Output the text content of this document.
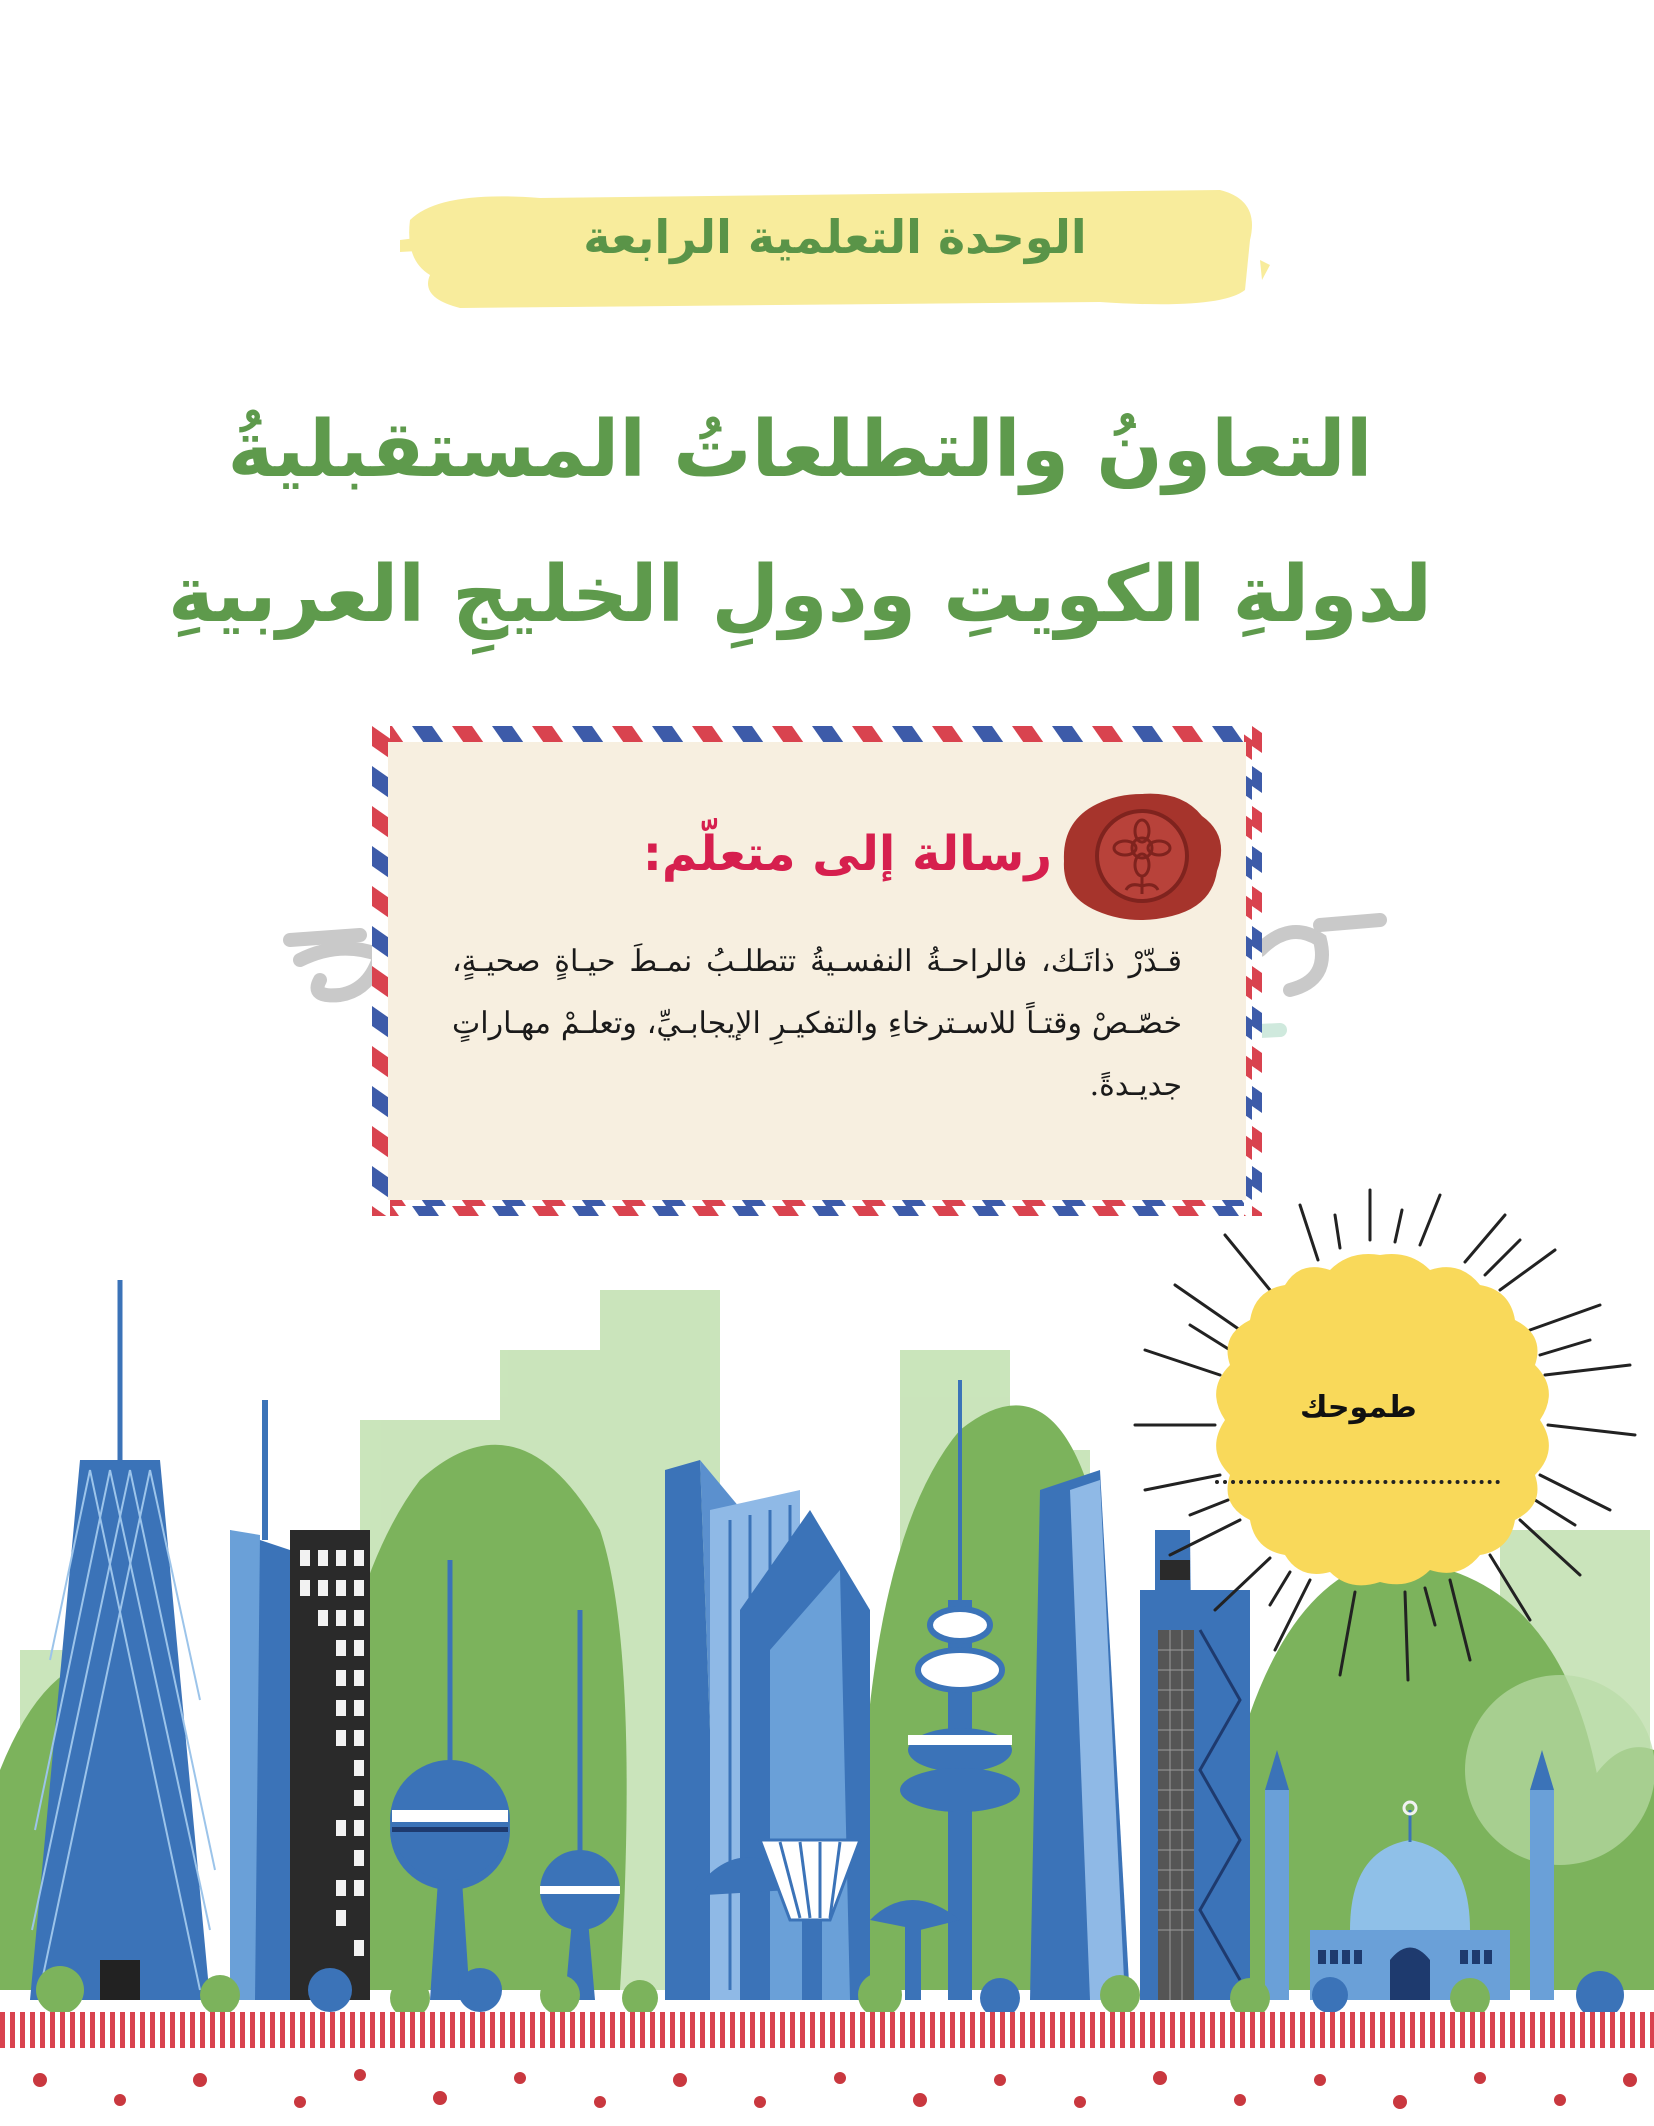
الوحدة التعلمية الرابعة
التعاونُ والتطلعاتُ المستقبليةُ
لدولةِ الكويتِ ودولِ الخليجِ العربيةِ
رسالة إلى متعلّم:
قـدّرْ ذاتَـك، فالراحـةُ النفسـيةُ تتطلـبُ نمـطَ حيـاةٍ صحيـةٍ، خصّـصْ وقتـاً للاسـترخاءِ والتفكيـرِ الإيجابـيِّ، وتعلـمْ مهـاراتٍ جديـدةً.
طموحك
